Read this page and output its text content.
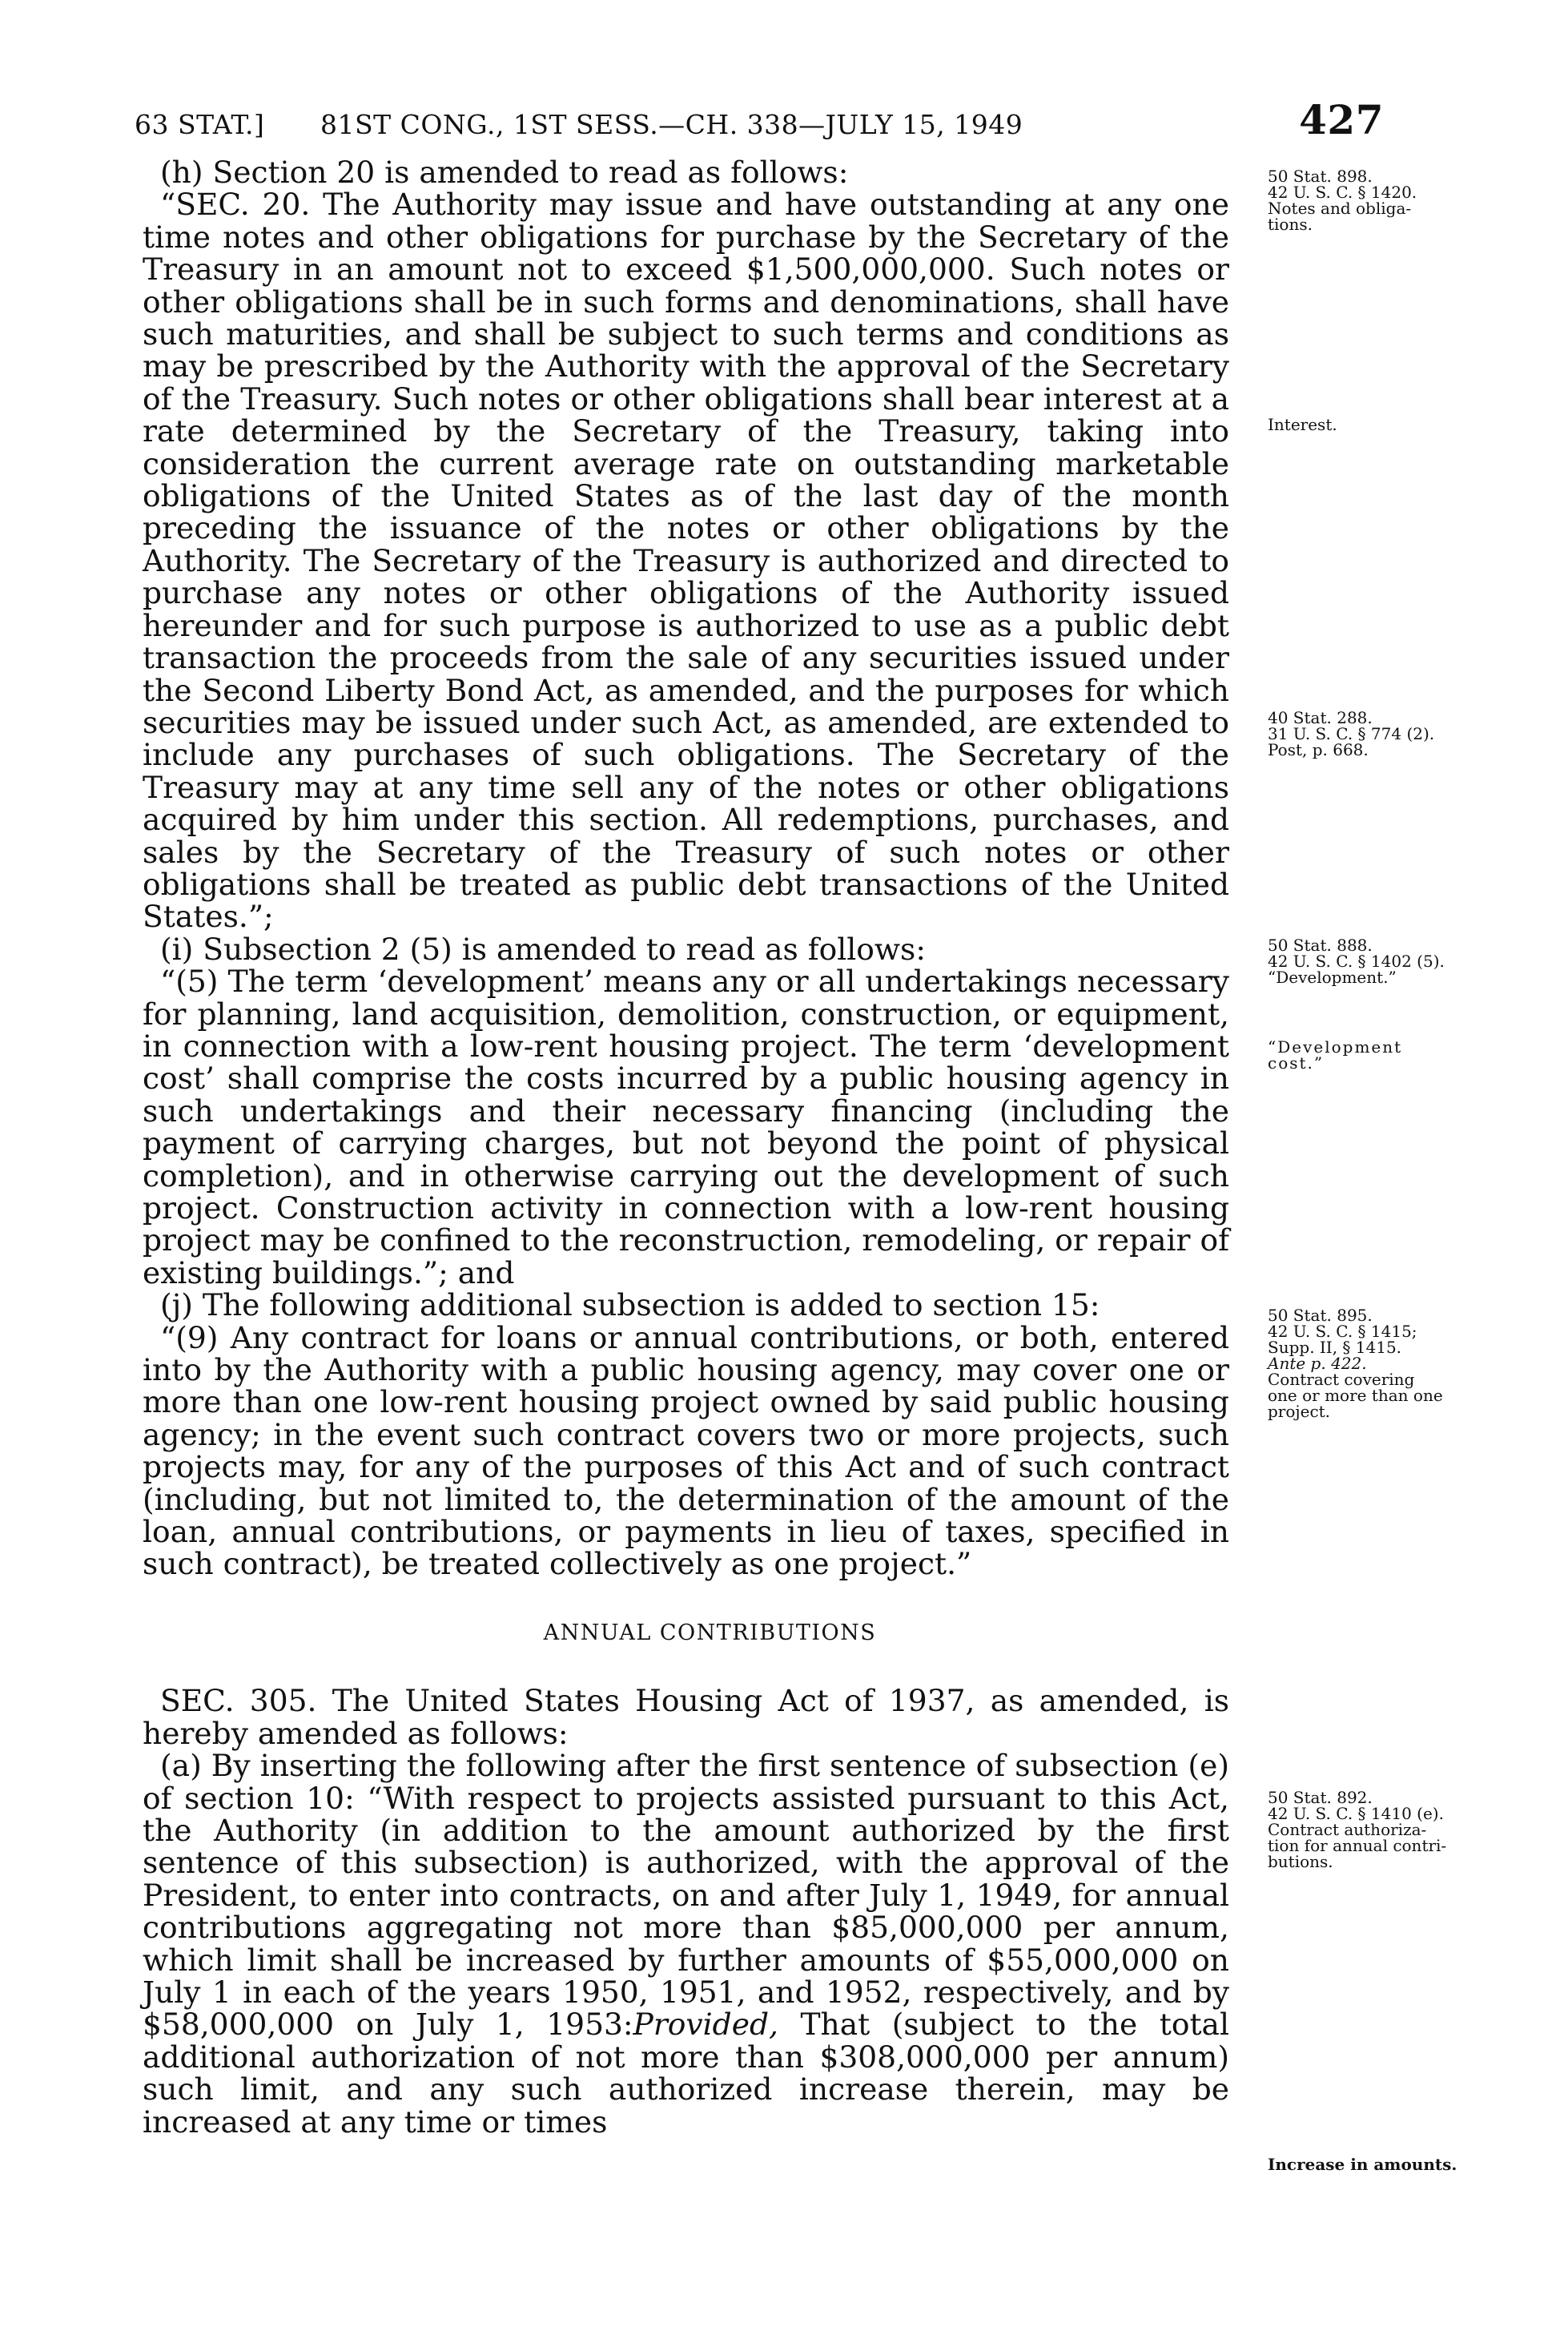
63 STAT.] 81ST CONG., 1ST SESS.—CH. 338—JULY 15, 1949	427

(h) Section 20 is amended to read as follows:

“SEC. 20. The Authority may issue and have outstanding at any one time notes and other obligations for purchase by the Secretary of the Treasury in an amount not to exceed $1,500,000,000. Such notes or other obligations shall be in such forms and denominations, shall have such maturities, and shall be subject to such terms and conditions as may be prescribed by the Authority with the approval of the Secretary of the Treasury. Such notes or other obligations shall bear interest at a rate determined by the Secretary of the Treasury, taking into consideration the current average rate on outstanding marketable obligations of the United States as of the last day of the month preceding the issuance of the notes or other obligations by the Authority. The Secretary of the Treasury is authorized and directed to purchase any notes or other obligations of the Authority issued hereunder and for such purpose is authorized to use as a public debt transaction the proceeds from the sale of any securities issued under the Second Liberty Bond Act, as amended, and the purposes for which securities may be issued under such Act, as amended, are extended to include any purchases of such obligations. The Secretary of the Treasury may at any time sell any of the notes or other obligations acquired by him under this section. All redemptions, purchases, and sales by the Secretary of the Treasury of such notes or other obligations shall be treated as public debt transactions of the United States.”;

(i) Subsection 2 (5) is amended to read as follows:

“(5) The term ‘development’ means any or all undertakings necessary for planning, land acquisition, demolition, construction, or equipment, in connection with a low-rent housing project. The term ‘development cost’ shall comprise the costs incurred by a public housing agency in such undertakings and their necessary financing (including the payment of carrying charges, but not beyond the point of physical completion), and in otherwise carrying out the development of such project. Construction activity in connection with a low-rent housing project may be confined to the reconstruction, remodeling, or repair of existing buildings.”; and

(j) The following additional subsection is added to section 15:

“(9) Any contract for loans or annual contributions, or both, entered into by the Authority with a public housing agency, may cover one or more than one low-rent housing project owned by said public housing agency; in the event such contract covers two or more projects, such projects may, for any of the purposes of this Act and of such contract (including, but not limited to, the determination of the amount of the loan, annual contributions, or payments in lieu of taxes, specified in such contract), be treated collectively as one project.”

ANNUAL CONTRIBUTIONS

SEC. 305. The United States Housing Act of 1937, as amended, is hereby amended as follows:

(a) By inserting the following after the first sentence of subsection (e) of section 10: “With respect to projects assisted pursuant to this Act, the Authority (in addition to the amount authorized by the first sentence of this subsection) is authorized, with the approval of the President, to enter into contracts, on and after July 1, 1949, for annual contributions aggregating not more than $85,000,000 per annum, which limit shall be increased by further amounts of $55,000,000 on July 1 in each of the years 1950, 1951, and 1952, respectively, and by $58,000,000 on July 1, 1953:Provided, That (subject to the total additional authorization of not more than $308,000,000 per annum) such limit, and any such authorized increase therein, may be increased at any time or times

50 Stat. 898.
42 U. S. C. § 1420.
Notes and obliga-
tions.
Interest.
40 Stat. 288.
31 U. S. C. § 774 (2).
Post, p. 668.
50 Stat. 888.
42 U. S. C. § 1402 (5).
“Development.”
“Development
cost.”
50 Stat. 895.
42 U. S. C. § 1415;
Supp. II, § 1415.
Ante p. 422.
Contract covering
one or more than one
project.
50 Stat. 892.
42 U. S. C. § 1410 (e).
Contract authoriza-
tion for annual contri-
butions.
Increase in amounts.
